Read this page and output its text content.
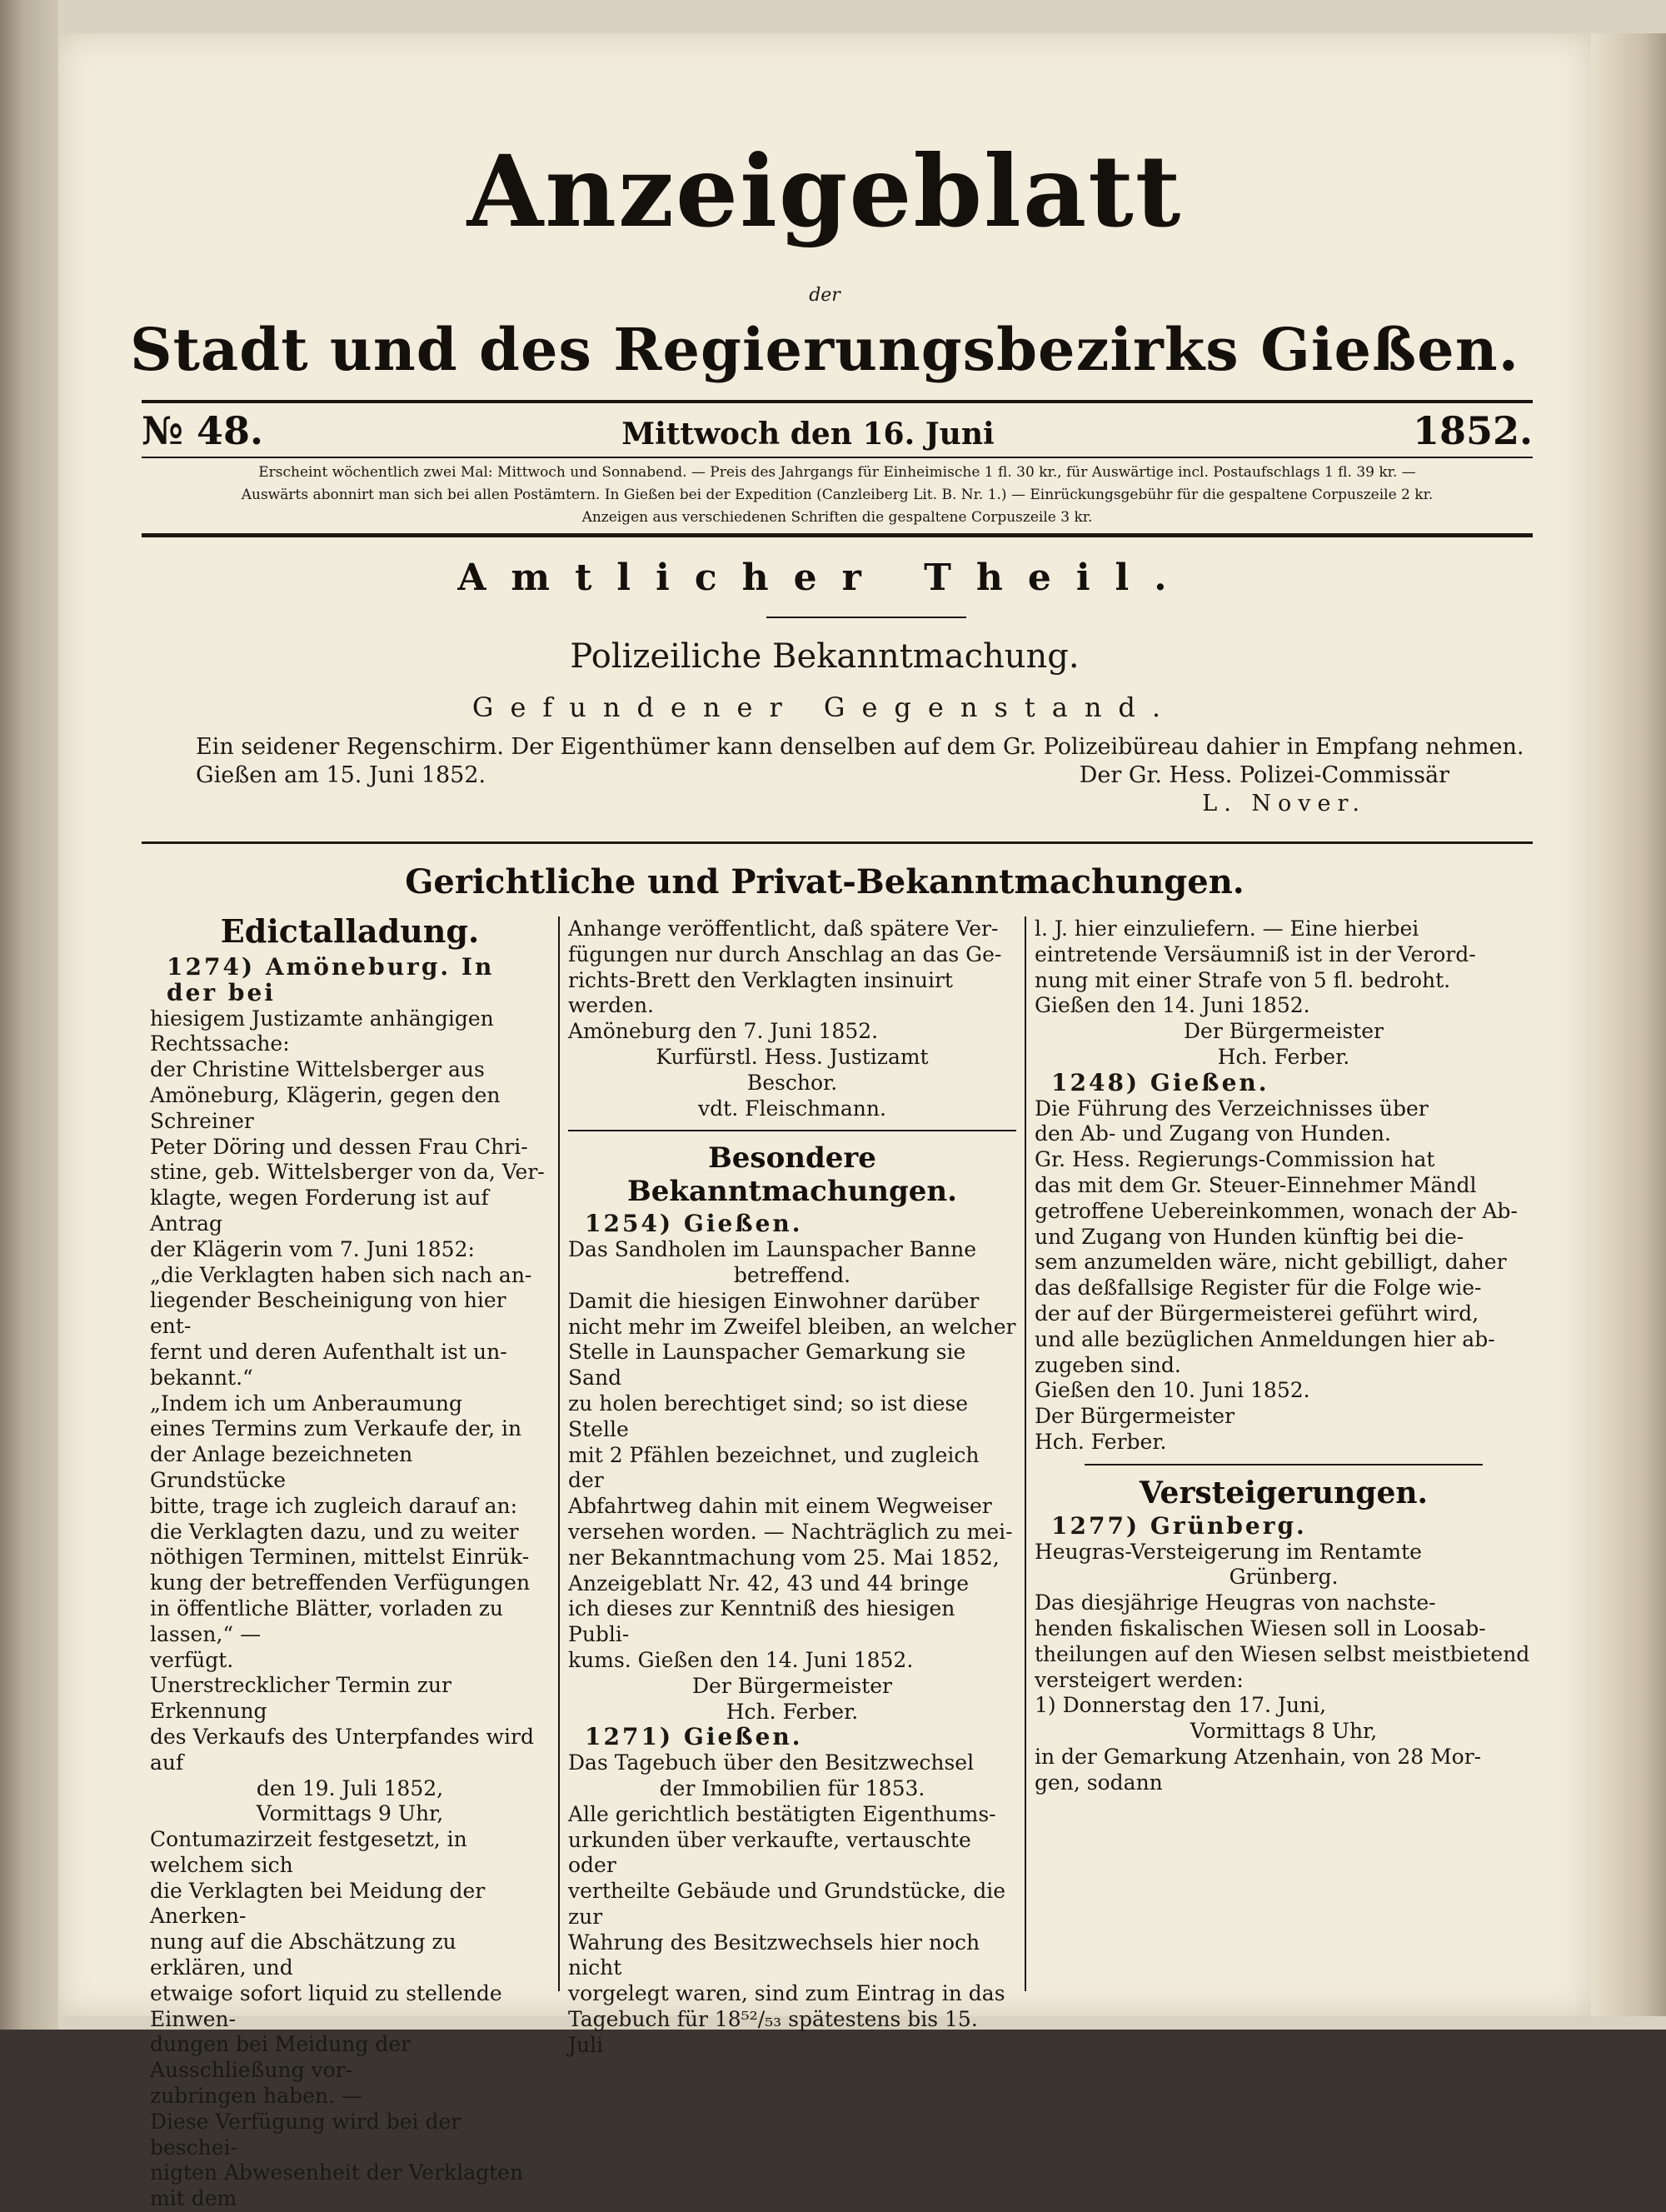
Anzeigeblatt
der
Stadt und des Regierungsbezirks Gießen.
№ 48.	Mittwoch den 16. Juni	1852.
Erscheint wöchentlich zwei Mal: Mittwoch und Sonnabend. — Preis des Jahrgangs für Einheimische 1 fl. 30 kr., für Auswärtige incl. Postaufschlags 1 fl. 39 kr. —
Auswärts abonnirt man sich bei allen Postämtern. In Gießen bei der Expedition (Canzleiberg Lit. B. Nr. 1.) — Einrückungsgebühr für die gespaltene Corpuszeile 2 kr.
Anzeigen aus verschiedenen Schriften die gespaltene Corpuszeile 3 kr.
Amtlicher Theil.
Polizeiliche Bekanntmachung.
Gefundener Gegenstand.
Ein seidener Regenschirm. Der Eigenthümer kann denselben auf dem Gr. Polizeibüreau dahier in Empfang nehmen.
Gießen am 15. Juni 1852.	Der Gr. Hess. Polizei-Commissär
L. Nover.
Gerichtliche und Privat-Bekanntmachungen.
Edictalladung.

1274) Amöneburg. In der bei

hiesigem Justizamte anhängigen Rechtssache:

der Christine Wittelsberger aus

Amöneburg, Klägerin, gegen den Schreiner

Peter Döring und dessen Frau Chri-

stine, geb. Wittelsberger von da, Ver-

klagte, wegen Forderung ist auf Antrag

der Klägerin vom 7. Juni 1852:

„die Verklagten haben sich nach an-

liegender Bescheinigung von hier ent-

fernt und deren Aufenthalt ist un-

bekannt.“

„Indem ich um Anberaumung

eines Termins zum Verkaufe der, in

der Anlage bezeichneten Grundstücke

bitte, trage ich zugleich darauf an:

die Verklagten dazu, und zu weiter

nöthigen Terminen, mittelst Einrük-

kung der betreffenden Verfügungen

in öffentliche Blätter, vorladen zu

lassen,“ —

verfügt.

Unerstrecklicher Termin zur Erkennung

des Verkaufs des Unterpfandes wird auf

den 19. Juli 1852,

Vormittags 9 Uhr,

Contumazirzeit festgesetzt, in welchem sich

die Verklagten bei Meidung der Anerken-

nung auf die Abschätzung zu erklären, und

etwaige sofort liquid zu stellende Einwen-

dungen bei Meidung der Ausschließung vor-

zubringen haben. —

Diese Verfügung wird bei der beschei-

nigten Abwesenheit der Verklagten mit dem

Anhange veröffentlicht, daß spätere Ver-

fügungen nur durch Anschlag an das Ge-

richts-Brett den Verklagten insinuirt werden.

Amöneburg den 7. Juni 1852.

Kurfürstl. Hess. Justizamt

Beschor.

vdt. Fleischmann.

Besondere Bekanntmachungen.

1254) Gießen.

Das Sandholen im Launspacher Banne

betreffend.

Damit die hiesigen Einwohner darüber

nicht mehr im Zweifel bleiben, an welcher

Stelle in Launspacher Gemarkung sie Sand

zu holen berechtiget sind; so ist diese Stelle

mit 2 Pfählen bezeichnet, und zugleich der

Abfahrtweg dahin mit einem Wegweiser

versehen worden. — Nachträglich zu mei-

ner Bekanntmachung vom 25. Mai 1852,

Anzeigeblatt Nr. 42, 43 und 44 bringe

ich dieses zur Kenntniß des hiesigen Publi-

kums. Gießen den 14. Juni 1852.

Der Bürgermeister

Hch. Ferber.

1271) Gießen.

Das Tagebuch über den Besitzwechsel

der Immobilien für 1853.

Alle gerichtlich bestätigten Eigenthums-

urkunden über verkaufte, vertauschte oder

vertheilte Gebäude und Grundstücke, die zur

Wahrung des Besitzwechsels hier noch nicht

vorgelegt waren, sind zum Eintrag in das

Tagebuch für 18⁵²/₅₃ spätestens bis 15. Juli

l. J. hier einzuliefern. — Eine hierbei

eintretende Versäumniß ist in der Verord-

nung mit einer Strafe von 5 fl. bedroht.

Gießen den 14. Juni 1852.

Der Bürgermeister

Hch. Ferber.

1248) Gießen.

Die Führung des Verzeichnisses über

den Ab- und Zugang von Hunden.

Gr. Hess. Regierungs-Commission hat

das mit dem Gr. Steuer-Einnehmer Mändl

getroffene Uebereinkommen, wonach der Ab-

und Zugang von Hunden künftig bei die-

sem anzumelden wäre, nicht gebilligt, daher

das deßfallsige Register für die Folge wie-

der auf der Bürgermeisterei geführt wird,

und alle bezüglichen Anmeldungen hier ab-

zugeben sind.

Gießen den 10. Juni 1852.

Der Bürgermeister

Hch. Ferber.

Versteigerungen.

1277) Grünberg.

Heugras-Versteigerung im Rentamte

Grünberg.

Das diesjährige Heugras von nachste-

henden fiskalischen Wiesen soll in Loosab-

theilungen auf den Wiesen selbst meistbietend

versteigert werden:

1) Donnerstag den 17. Juni,

Vormittags 8 Uhr,

in der Gemarkung Atzenhain, von 28 Mor-

gen, sodann
